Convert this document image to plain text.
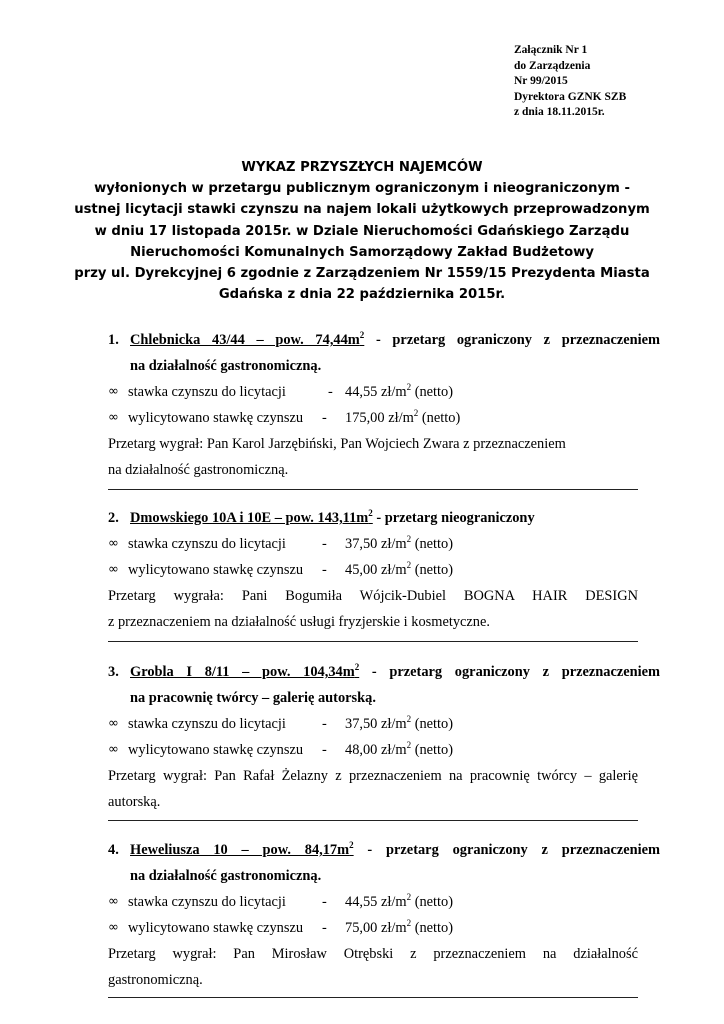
Załącznik Nr 1
do Zarządzenia
Nr 99/2015
Dyrektora GZNK SZB
z dnia 18.11.2015r.
WYKAZ PRZYSZŁYCH NAJEMCÓW
wyłonionych w przetargu publicznym ograniczonym i nieograniczonym -
ustnej licytacji stawki czynszu na najem lokali użytkowych przeprowadzonym
w dniu 17 listopada 2015r. w Dziale Nieruchomości Gdańskiego Zarządu
Nieruchomości Komunalnych Samorządowy Zakład Budżetowy
przy ul. Dyrekcyjnej 6 zgodnie z Zarządzeniem Nr 1559/15 Prezydenta Miasta
Gdańska z dnia 22 października 2015r.
1. Chlebnicka 43/44 – pow. $74,44m^2$ - przetarg ograniczony z przeznaczeniem
na działalność gastronomiczną.
∞ stawka czynszu do licytacji	- 44,55 $zł/m^2$ (netto)
∞ wylicytowano stawkę czynszu - 175,00 $zł/m^2$ (netto)
Przetarg wygrał: Pan Karol Jarzębiński, Pan Wojciech Zwara z przeznaczeniem
na działalność gastronomiczną.
2. Dmowskiego 10A i 10E – pow. $143,11m^2$ - przetarg nieograniczony
∞ stawka czynszu do licytacji	- 37,50 $zł/m^2$ (netto)
∞ wylicytowano stawkę czynszu - 45,00 $zł/m^2$ (netto)
Przetarg wygrała: Pani Bogumiła Wójcik-Dubiel BOGNA HAIR DESIGN
z przeznaczeniem na działalność usługi fryzjerskie i kosmetyczne.
3. Grobla I 8/11 – pow. $104,34m^2$ - przetarg ograniczony z przeznaczeniem
na pracownię twórcy – galerię autorską.
∞ stawka czynszu do licytacji	- 37,50 $zł/m^2$ (netto)
∞ wylicytowano stawkę czynszu - 48,00 $zł/m^2$ (netto)
Przetarg wygrał: Pan Rafał Żelazny z przeznaczeniem na pracownię twórcy – galerię
autorską.
4. Heweliusza 10 – pow. $84,17m^2$ - przetarg ograniczony z przeznaczeniem
na działalność gastronomiczną.
∞ stawka czynszu do licytacji	- 44,55 $zł/m^2$ (netto)
∞ wylicytowano stawkę czynszu - 75,00 $zł/m^2$ (netto)
Przetarg wygrał: Pan Mirosław Otrębski z przeznaczeniem na działalność
gastronomiczną.
